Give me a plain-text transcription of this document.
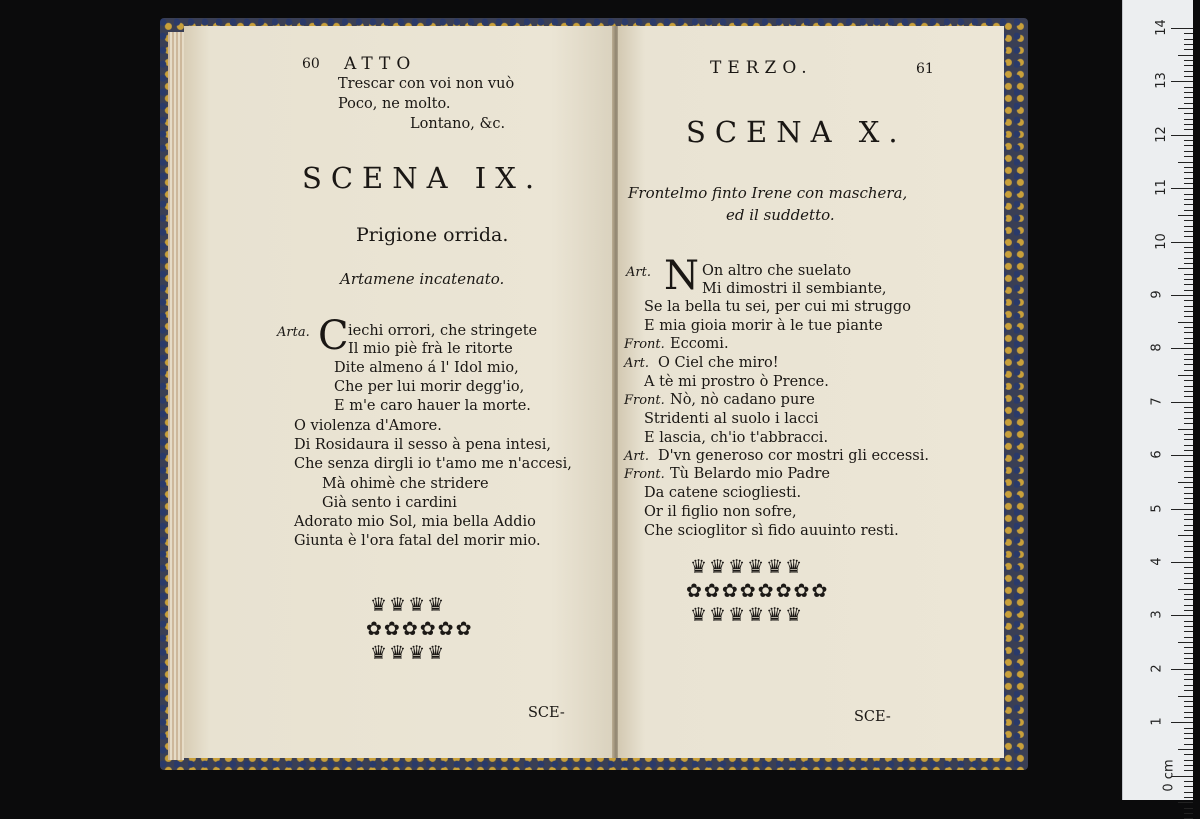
60 ATTO
Trescar con voi non vuò
Poco, ne molto.
Lontano, &c.
SCENA IX.
Prigione orrida.
Artamene incatenato.
Arta. C iechi orrori, che stringete
Il mio piè frà le ritorte
Dite almeno á l' Idol mio,
Che per lui morir degg'io,
E m'e caro hauer la morte.
O violenza d'Amore.
Di Rosidaura il sesso à pena intesi,
Che senza dirgli io t'amo me n'accesi,
Mà ohimè che stridere
Già sento i cardini
Adorato mio Sol, mia bella Addio
Giunta è l'ora fatal del morir mio.
♛♛♛♛
✿✿✿✿✿✿
♛♛♛♛
SCE-
TERZO.	61
SCENA X.
Frontelmo finto Irene con maschera,
ed il suddetto.
Art. N On altro che suelato
Mi dimostri il sembiante,
Se la bella tu sei, per cui mi struggo
E mia gioia morir à le tue piante
Front. Eccomi.
Art. O Ciel che miro!
A tè mi prostro ò Prence.
Front. Nò, nò cadano pure
Stridenti al suolo i lacci
E lascia, ch'io t'abbracci.
Art. D'vn generoso cor mostri gli eccessi.
Front. Tù Belardo mio Padre
Da catene sciogliesti.
Or il figlio non sofre,
Che scioglitor sì fido auuinto resti.
♛♛♛♛♛♛
✿✿✿✿✿✿✿✿
♛♛♛♛♛♛
SCE-
14
13
12
11
10
9
8
7
6
5
4
3
2
1
0 cm
